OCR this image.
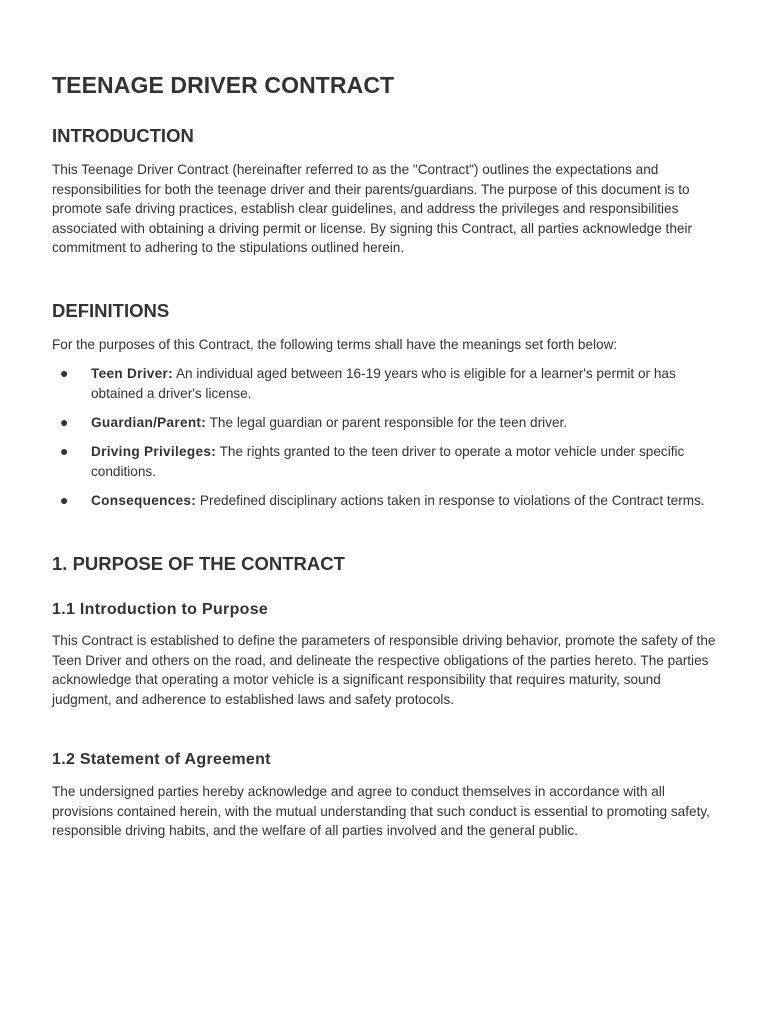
TEENAGE DRIVER CONTRACT
INTRODUCTION

This Teenage Driver Contract (hereinafter referred to as the "Contract") outlines the expectations and responsibilities for both the teenage driver and their parents/guardians. The purpose of this document is to promote safe driving practices, establish clear guidelines, and address the privileges and responsibilities associated with obtaining a driving permit or license. By signing this Contract, all parties acknowledge their commitment to adhering to the stipulations outlined herein.

DEFINITIONS

For the purposes of this Contract, the following terms shall have the meanings set forth below:

● Teen Driver: An individual aged between 16-19 years who is eligible for a learner's permit or has obtained a driver's license.
● Guardian/Parent: The legal guardian or parent responsible for the teen driver.
● Driving Privileges: The rights granted to the teen driver to operate a motor vehicle under specific conditions.
● Consequences: Predefined disciplinary actions taken in response to violations of the Contract terms.
1. PURPOSE OF THE CONTRACT
1.1 Introduction to Purpose

This Contract is established to define the parameters of responsible driving behavior, promote the safety of the Teen Driver and others on the road, and delineate the respective obligations of the parties hereto. The parties acknowledge that operating a motor vehicle is a significant responsibility that requires maturity, sound judgment, and adherence to established laws and safety protocols.

1.2 Statement of Agreement

The undersigned parties hereby acknowledge and agree to conduct themselves in accordance with all provisions contained herein, with the mutual understanding that such conduct is essential to promoting safety, responsible driving habits, and the welfare of all parties involved and the general public.
